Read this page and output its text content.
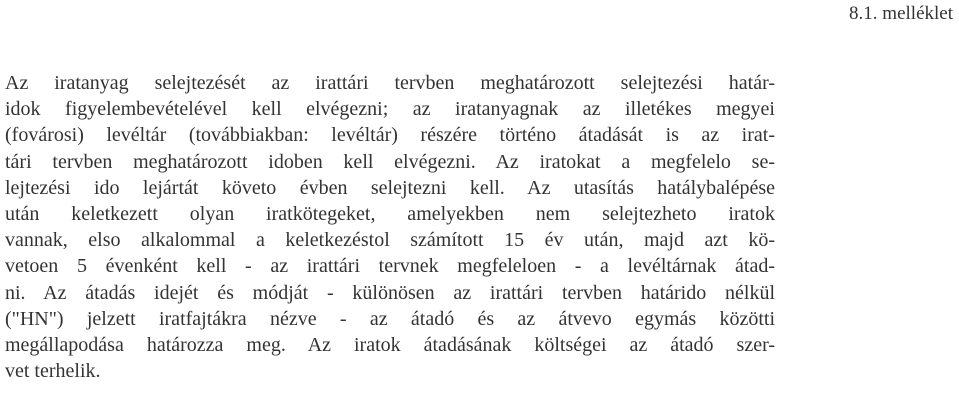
8.1. melléklet
Az iratanyag selejtezését az irattári tervben meghatározott selejtezési határ-
idok figyelembevételével kell elvégezni; az iratanyagnak az illetékes megyei
(fovárosi) levéltár (továbbiakban: levéltár) részére történo átadását is az irat-
tári tervben meghatározott idoben kell elvégezni. Az iratokat a megfelelo se-
lejtezési ido lejártát követo évben selejtezni kell. Az utasítás hatálybalépése
után keletkezett olyan iratkötegeket, amelyekben nem selejtezheto iratok
vannak, elso alkalommal a keletkezéstol számított 15 év után, majd azt kö-
vetoen 5 évenként kell - az irattári tervnek megfeleloen - a levéltárnak átad-
ni. Az átadás idejét és módját - különösen az irattári tervben határido nélkül
("HN") jelzett iratfajtákra nézve - az átadó és az átvevo egymás közötti
megállapodása határozza meg. Az iratok átadásának költségei az átadó szer-
vet terhelik.
